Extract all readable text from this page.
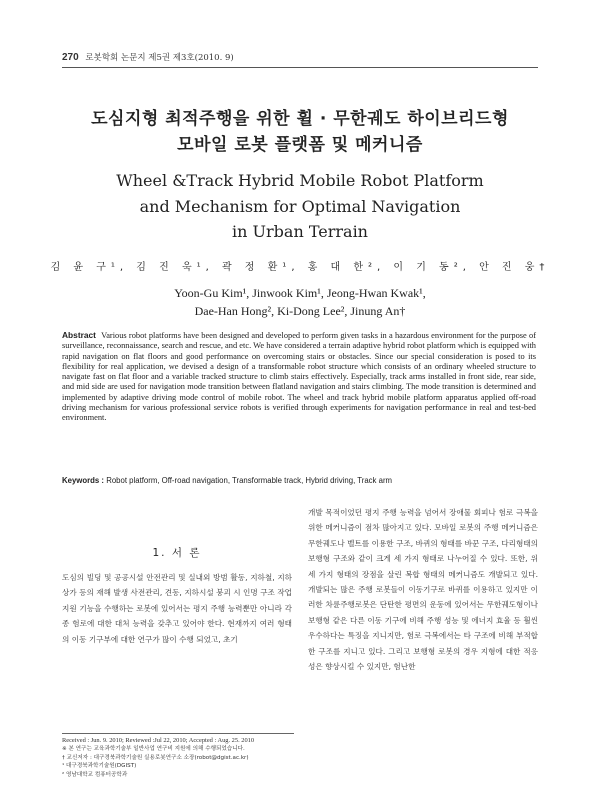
270 로봇학회 논문지 제5권 제3호(2010. 9)
도심지형 최적주행을 위한 휠 · 무한궤도 하이브리드형
모바일 로봇 플랫폼 및 메커니즘
Wheel &Track Hybrid Mobile Robot Platform
and Mechanism for Optimal Navigation
in Urban Terrain
김 윤 구¹, 김 진 욱¹, 곽 정 환¹, 홍 대 한², 이 기 동², 안 진 웅†
Yoon-Gu Kim¹, Jinwook Kim¹, Jeong-Hwan Kwak¹,
Dae-Han Hong², Ki-Dong Lee², Jinung An†
Abstract Various robot platforms have been designed and developed to perform given tasks in a hazardous environment for the purpose of surveillance, reconnaissance, search and rescue, and etc. We have considered a terrain adaptive hybrid robot platform which is equipped with rapid navigation on flat floors and good performance on overcoming stairs or obstacles. Since our special consideration is posed to its flexibility for real application, we devised a design of a transformable robot structure which consists of an ordinary wheeled structure to navigate fast on flat floor and a variable tracked structure to climb stairs effectively. Especially, track arms installed in front side, rear side, and mid side are used for navigation mode transition between flatland navigation and stairs climbing. The mode transition is determined and implemented by adaptive driving mode control of mobile robot. The wheel and track hybrid mobile platform apparatus applied off-road driving mechanism for various professional service robots is verified through experiments for navigation performance in real and test-bed environment.
Keywords : Robot platform, Off-road navigation, Transformable track, Hybrid driving, Track arm
1. 서 론
도심의 빌딩 및 공공시설 안전관리 및 실내외 방범 활동, 지하철, 지하상가 등의 재해 발생 사전관리, 견동, 지하시설 붕괴 시 인명 구조 작업 지원 기능을 수행하는 로봇에 있어서는 평지 주행 능력뿐만 아니라 각종 험로에 대한 대처 능력을 갖추고 있어야 한다. 현재까지 여러 형태의 이동 기구부에 대한 연구가 많이 수행 되었고, 초기
개발 목적이었던 평지 주행 능력을 넘어서 장애물 회피나 험로 극복을 위한 메커니즘이 점차 많아지고 있다. 모바일 로봇의 주행 메커니즘은 무한궤도나 벨트를 이용한 구조, 바퀴의 형태를 바꾼 구조, 다리형태의 보행형 구조와 같이 크게 세 가지 형태로 나누어질 수 있다. 또한, 위 세 가지 형태의 장점을 살린 복합 형태의 메커니즘도 개발되고 있다. 개발되는 많은 주행 로봇들이 이동기구로 바퀴를 이용하고 있지만 이러한 차륜주행로봇은 단탄한 평면의 운동에 있어서는 무한궤도형이나 보행형 같은 다른 이동 기구에 비해 주행 성능 및 에너지 효율 등 훨씬 우수하다는 특징을 지니지만, 험로 극복에서는 타 구조에 비해 부적합한 구조를 지니고 있다. 그리고 보행형 로봇의 경우 지형에 대한 적응성은 향상시킬 수 있지만, 험난한
Received : Jun. 9. 2010; Reviewed :Jul 22, 2010; Accepted : Aug. 25. 2010
※ 본 연구는 교육과학기술부 일반사업 연구비 지원에 의해 수행되었습니다.
† 교신저자 : 대구경북과학기술원 실용로봇연구소 소장(robot@dgist.ac.kr)
¹ 대구경북과학기술원(DGIST)
² 영남대학교 컴퓨터공학과
